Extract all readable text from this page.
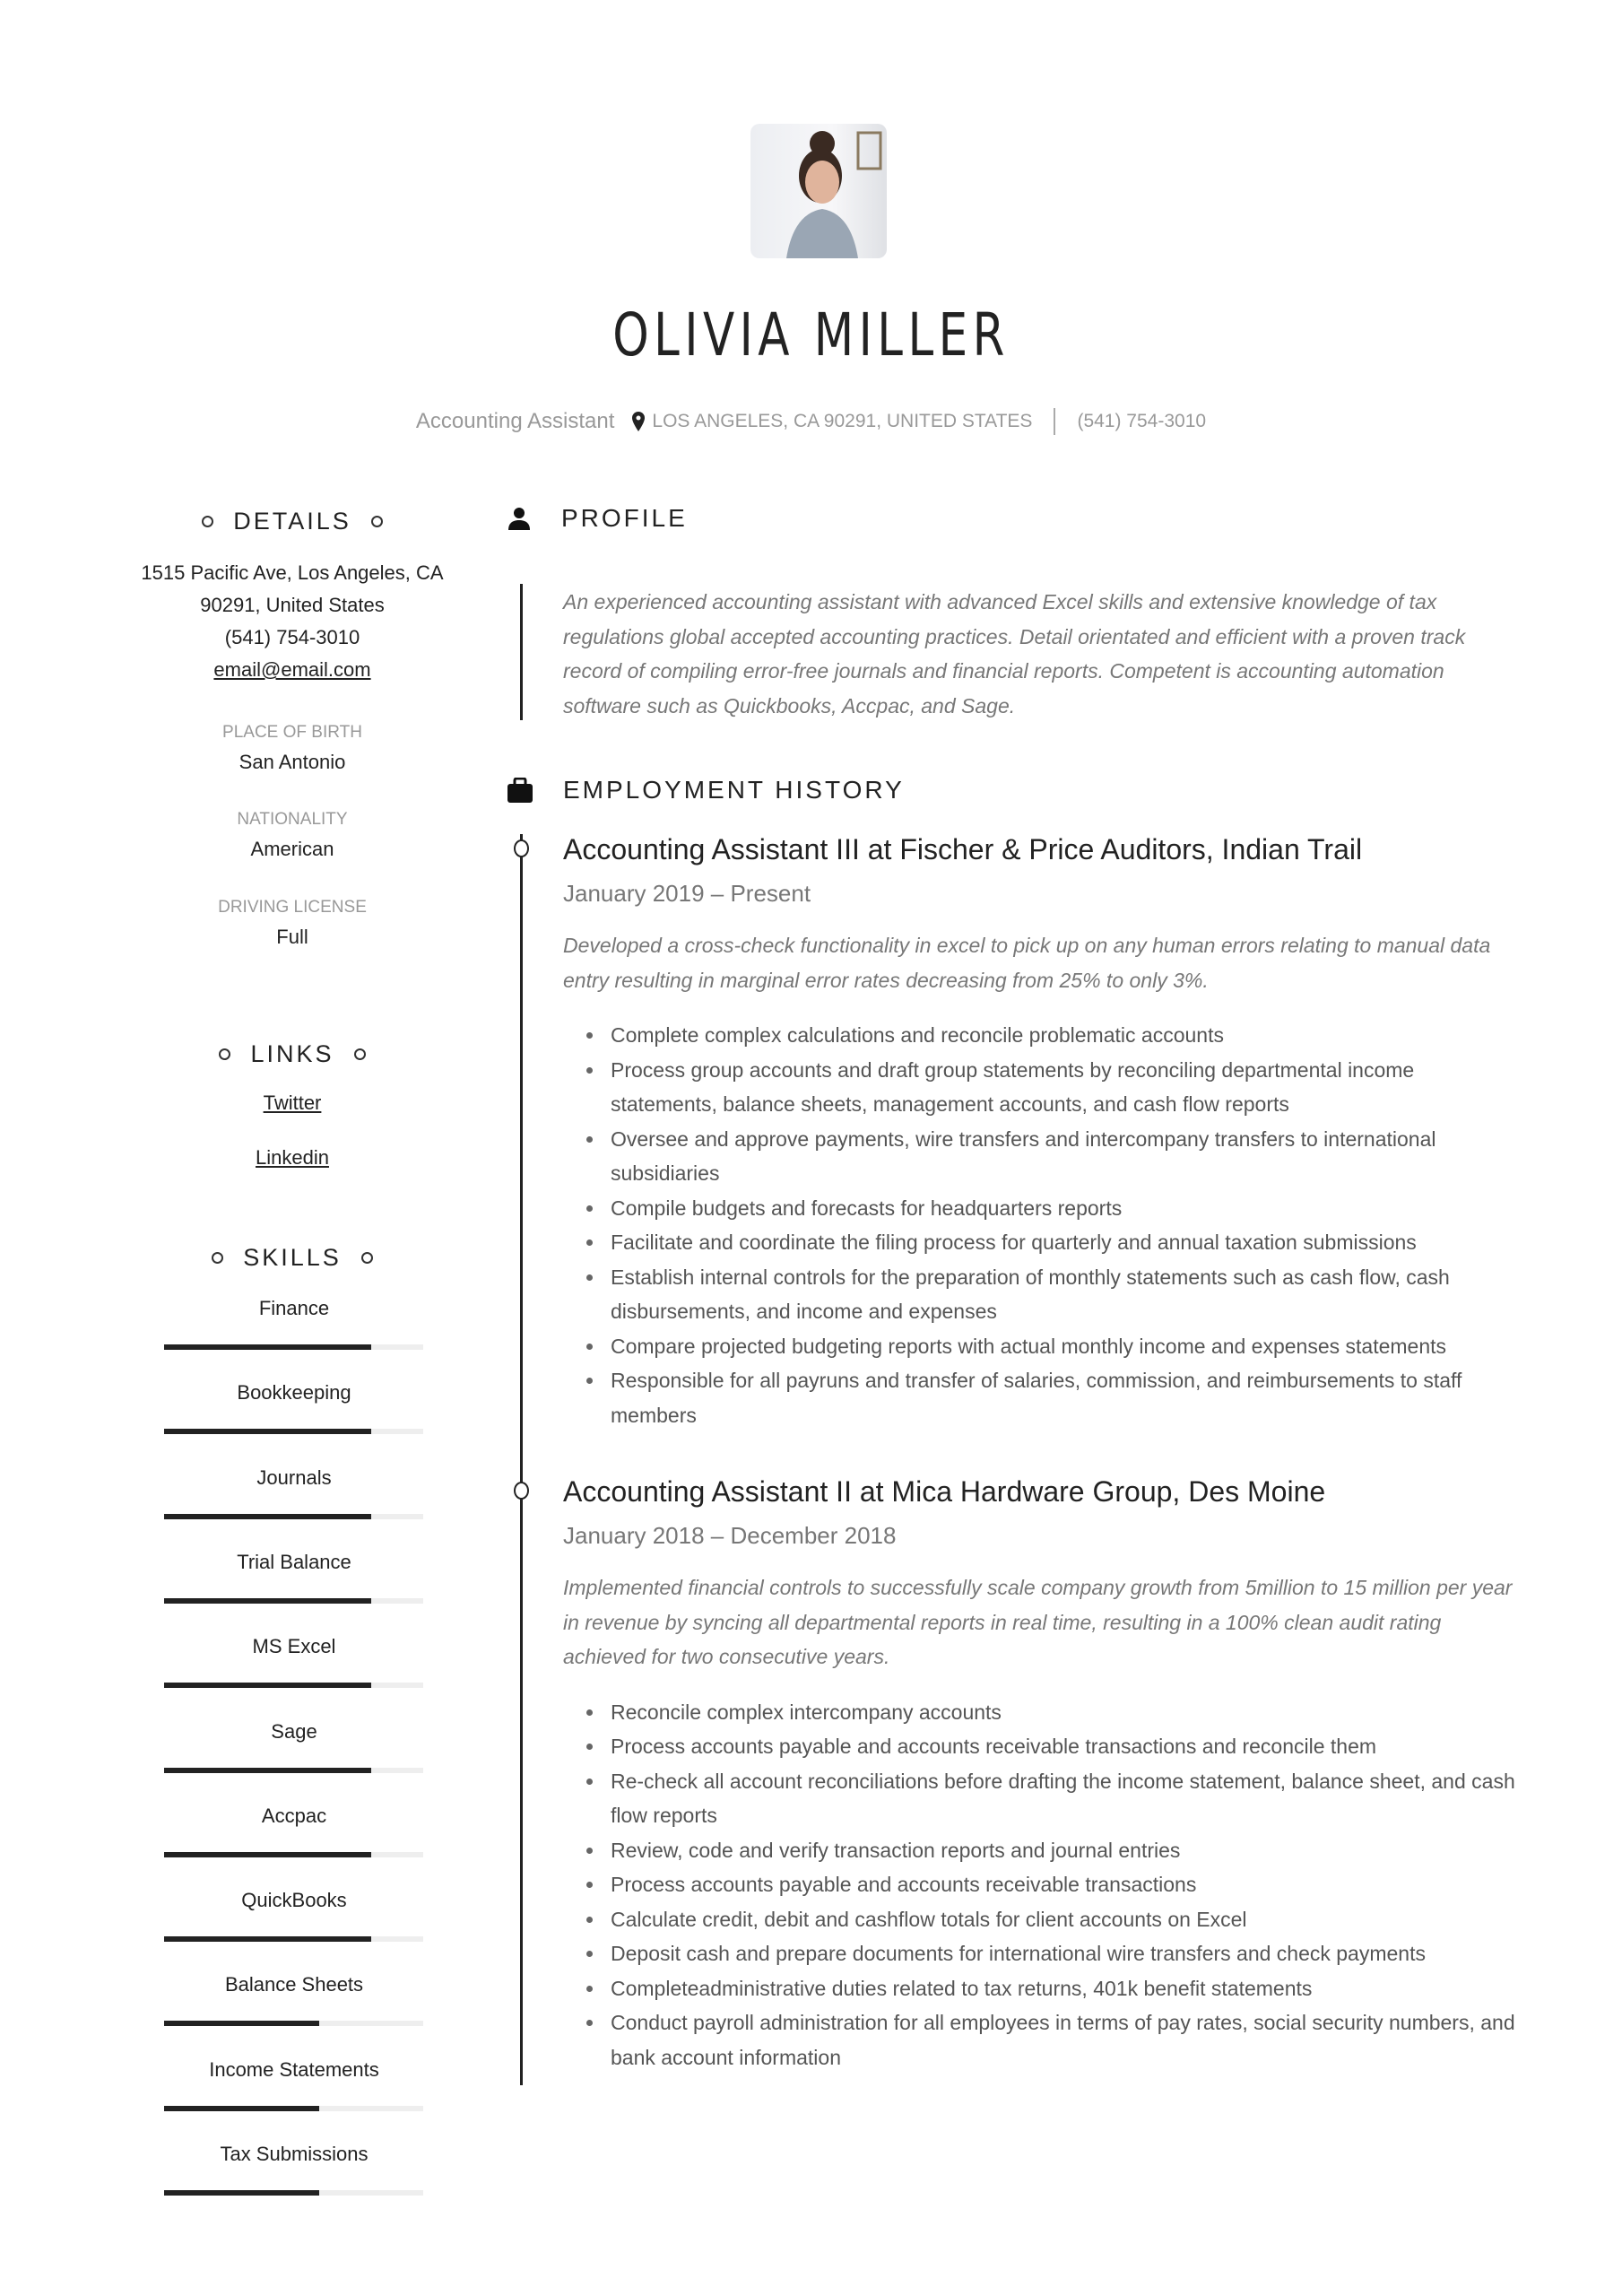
OLIVIA MILLER
Accounting Assistant LOS ANGELES, CA 90291, UNITED STATES (541) 754-3010
DETAILS
1515 Pacific Ave, Los Angeles, CA
90291, United States
(541) 754-3010
email@email.com
PLACE OF BIRTH
San Antonio
NATIONALITY
American
DRIVING LICENSE
Full
LINKS
Twitter
Linkedin
SKILLS
Finance
Bookkeeping
Journals
Trial Balance
MS Excel
Sage
Accpac
QuickBooks
Balance Sheets
Income Statements
Tax Submissions
PROFILE
An experienced accounting assistant with advanced Excel skills and extensive knowledge of tax regulations global accepted accounting practices. Detail orientated and efficient with a proven track record of compiling error-free journals and financial reports. Competent is accounting automation software such as Quickbooks, Accpac, and Sage.
EMPLOYMENT HISTORY
Accounting Assistant III at Fischer & Price Auditors, Indian Trail
January 2019 – Present
Developed a cross-check functionality in excel to pick up on any human errors relating to manual data entry resulting in marginal error rates decreasing from 25% to only 3%.
Complete complex calculations and reconcile problematic accounts
Process group accounts and draft group statements by reconciling departmental income statements, balance sheets, management accounts, and cash flow reports
Oversee and approve payments, wire transfers and intercompany transfers to international subsidiaries
Compile budgets and forecasts for headquarters reports
Facilitate and coordinate the filing process for quarterly and annual taxation submissions
Establish internal controls for the preparation of monthly statements such as cash flow, cash disbursements, and income and expenses
Compare projected budgeting reports with actual monthly income and expenses statements
Responsible for all payruns and transfer of salaries, commission, and reimbursements to staff members
Accounting Assistant II at Mica Hardware Group, Des Moine
January 2018 – December 2018
Implemented financial controls to successfully scale company growth from 5million to 15 million per year in revenue by syncing all departmental reports in real time, resulting in a 100% clean audit rating achieved for two consecutive years.
Reconcile complex intercompany accounts
Process accounts payable and accounts receivable transactions and reconcile them
Re-check all account reconciliations before drafting the income statement, balance sheet, and cash flow reports
Review, code and verify transaction reports and journal entries
Process accounts payable and accounts receivable transactions
Calculate credit, debit and cashflow totals for client accounts on Excel
Deposit cash and prepare documents for international wire transfers and check payments
Completeadministrative duties related to tax returns, 401k benefit statements
Conduct payroll administration for all employees in terms of pay rates, social security numbers, and bank account information
